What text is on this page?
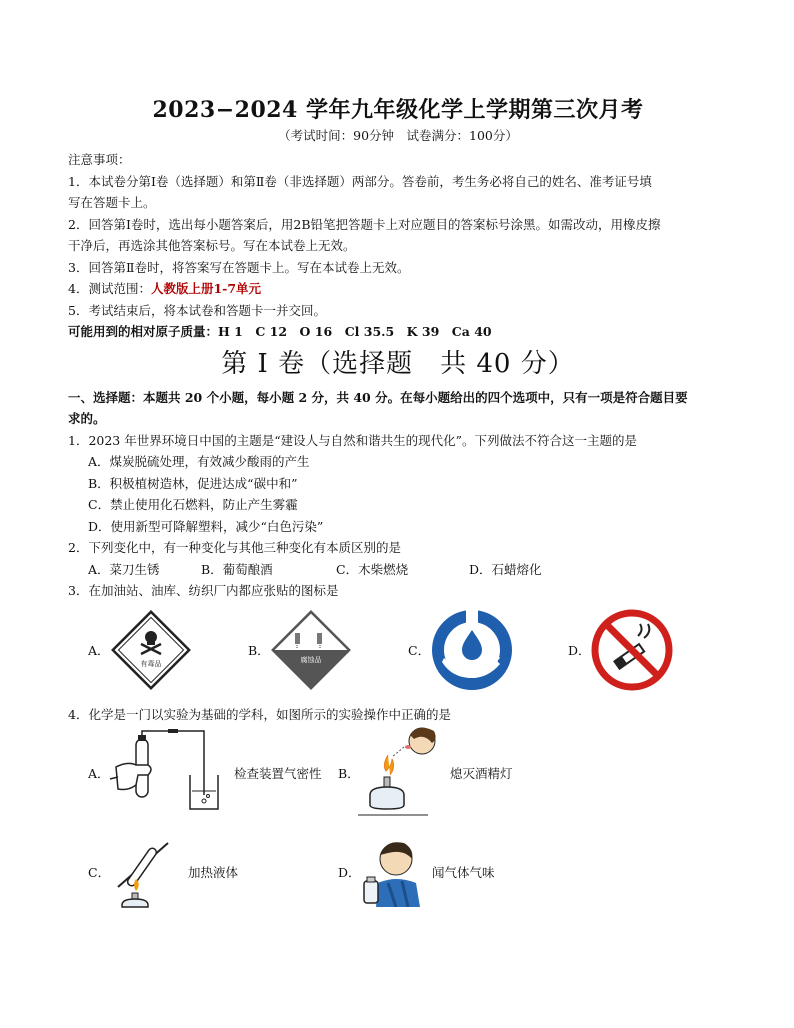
2023−2024 学年九年级化学上学期第三次月考

（考试时间：90分钟　试卷满分：100分）

注意事项：

1．本试卷分第Ⅰ卷（选择题）和第Ⅱ卷（非选择题）两部分。答卷前，考生务必将自己的姓名、准考证号填

写在答题卡上。

2．回答第Ⅰ卷时，选出每小题答案后，用2B铅笔把答题卡上对应题目的答案标号涂黑。如需改动，用橡皮擦

干净后，再选涂其他答案标号。写在本试卷上无效。

3．回答第Ⅱ卷时，将答案写在答题卡上。写在本试卷上无效。

4．测试范围：人教版上册1-7单元

5．考试结束后，将本试卷和答题卡一并交回。

可能用到的相对原子质量：H 1　C 12　O 16　Cl 35.5　K 39　Ca 40

第 I 卷（选择题　共 40 分）

一、选择题：本题共 20 个小题，每小题 2 分，共 40 分。在每小题给出的四个选项中，只有一项是符合题目要

求的。

1．2023 年世界环境日中国的主题是“建设人与自然和谐共生的现代化”。下列做法不符合这一主题的是

A．煤炭脱硫处理，有效减少酸雨的产生

B．积极植树造林，促进达成“碳中和”

C．禁止使用化石燃料，防止产生雾霾

D．使用新型可降解塑料，减少“白色污染”

2．下列变化中，有一种变化与其他三种变化有本质区别的是

A．菜刀生锈	B．葡萄酿酒	C．木柴燃烧	D．石蜡熔化

3．在加油站、油库、纺织厂内都应张贴的图标是

A．
有毒品
B．
腐蚀品
C．	D．

4．化学是一门以实验为基础的学科，如图所示的实验操作中正确的是

A．	检查装置气密性 B．	熄灭酒精灯
C．	加热液体	D．	闻气体气味
